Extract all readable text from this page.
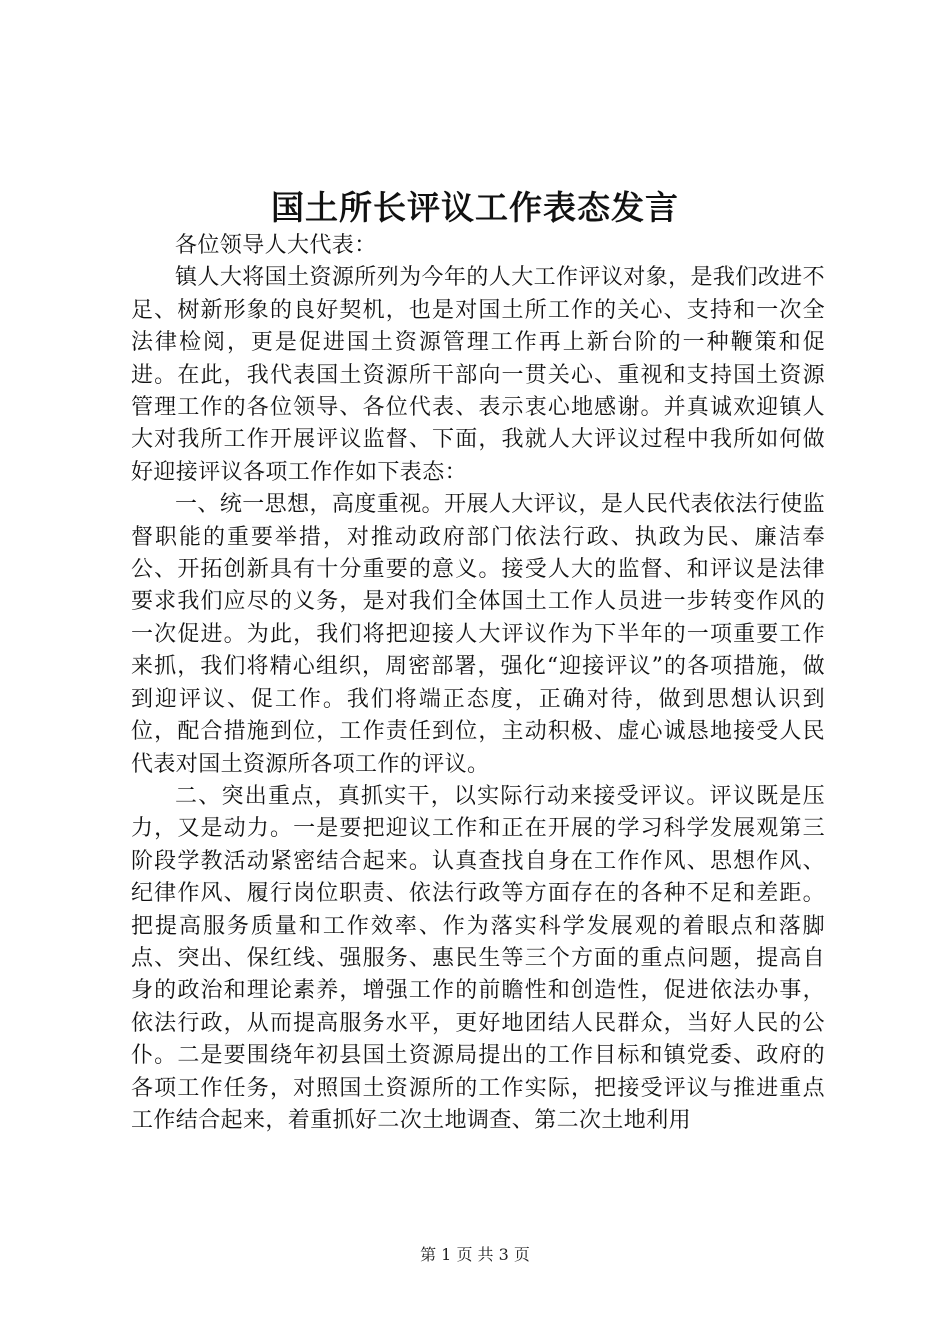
国土所长评议工作表态发言

各位领导人大代表：

镇人大将国土资源所列为今年的人大工作评议对象，是我们改进不足、树新形象的良好契机，也是对国土所工作的关心、支持和一次全法律检阅，更是促进国土资源管理工作再上新台阶的一种鞭策和促进。在此，我代表国土资源所干部向一贯关心、重视和支持国土资源管理工作的各位领导、各位代表、表示衷心地感谢。并真诚欢迎镇人大对我所工作开展评议监督、下面，我就人大评议过程中我所如何做好迎接评议各项工作作如下表态：

一、统一思想，高度重视。开展人大评议，是人民代表依法行使监督职能的重要举措，对推动政府部门依法行政、执政为民、廉洁奉公、开拓创新具有十分重要的意义。接受人大的监督、和评议是法律要求我们应尽的义务，是对我们全体国土工作人员进一步转变作风的一次促进。为此，我们将把迎接人大评议作为下半年的一项重要工作来抓，我们将精心组织，周密部署，强化“迎接评议”的各项措施，做到迎评议、促工作。我们将端正态度，正确对待，做到思想认识到位，配合措施到位，工作责任到位，主动积极、虚心诚恳地接受人民代表对国土资源所各项工作的评议。

二、突出重点，真抓实干，以实际行动来接受评议。评议既是压力，又是动力。一是要把迎议工作和正在开展的学习科学发展观第三阶段学教活动紧密结合起来。认真查找自身在工作作风、思想作风、纪律作风、履行岗位职责、依法行政等方面存在的各种不足和差距。把提高服务质量和工作效率、作为落实科学发展观的着眼点和落脚点、突出、保红线、强服务、惠民生等三个方面的重点问题，提高自身的政治和理论素养，增强工作的前瞻性和创造性，促进依法办事，依法行政，从而提高服务水平，更好地团结人民群众，当好人民的公仆。二是要围绕年初县国土资源局提出的工作目标和镇党委、政府的各项工作任务，对照国土资源所的工作实际，把接受评议与推进重点工作结合起来，着重抓好二次土地调查、第二次土地利用

第 1 页 共 3 页
